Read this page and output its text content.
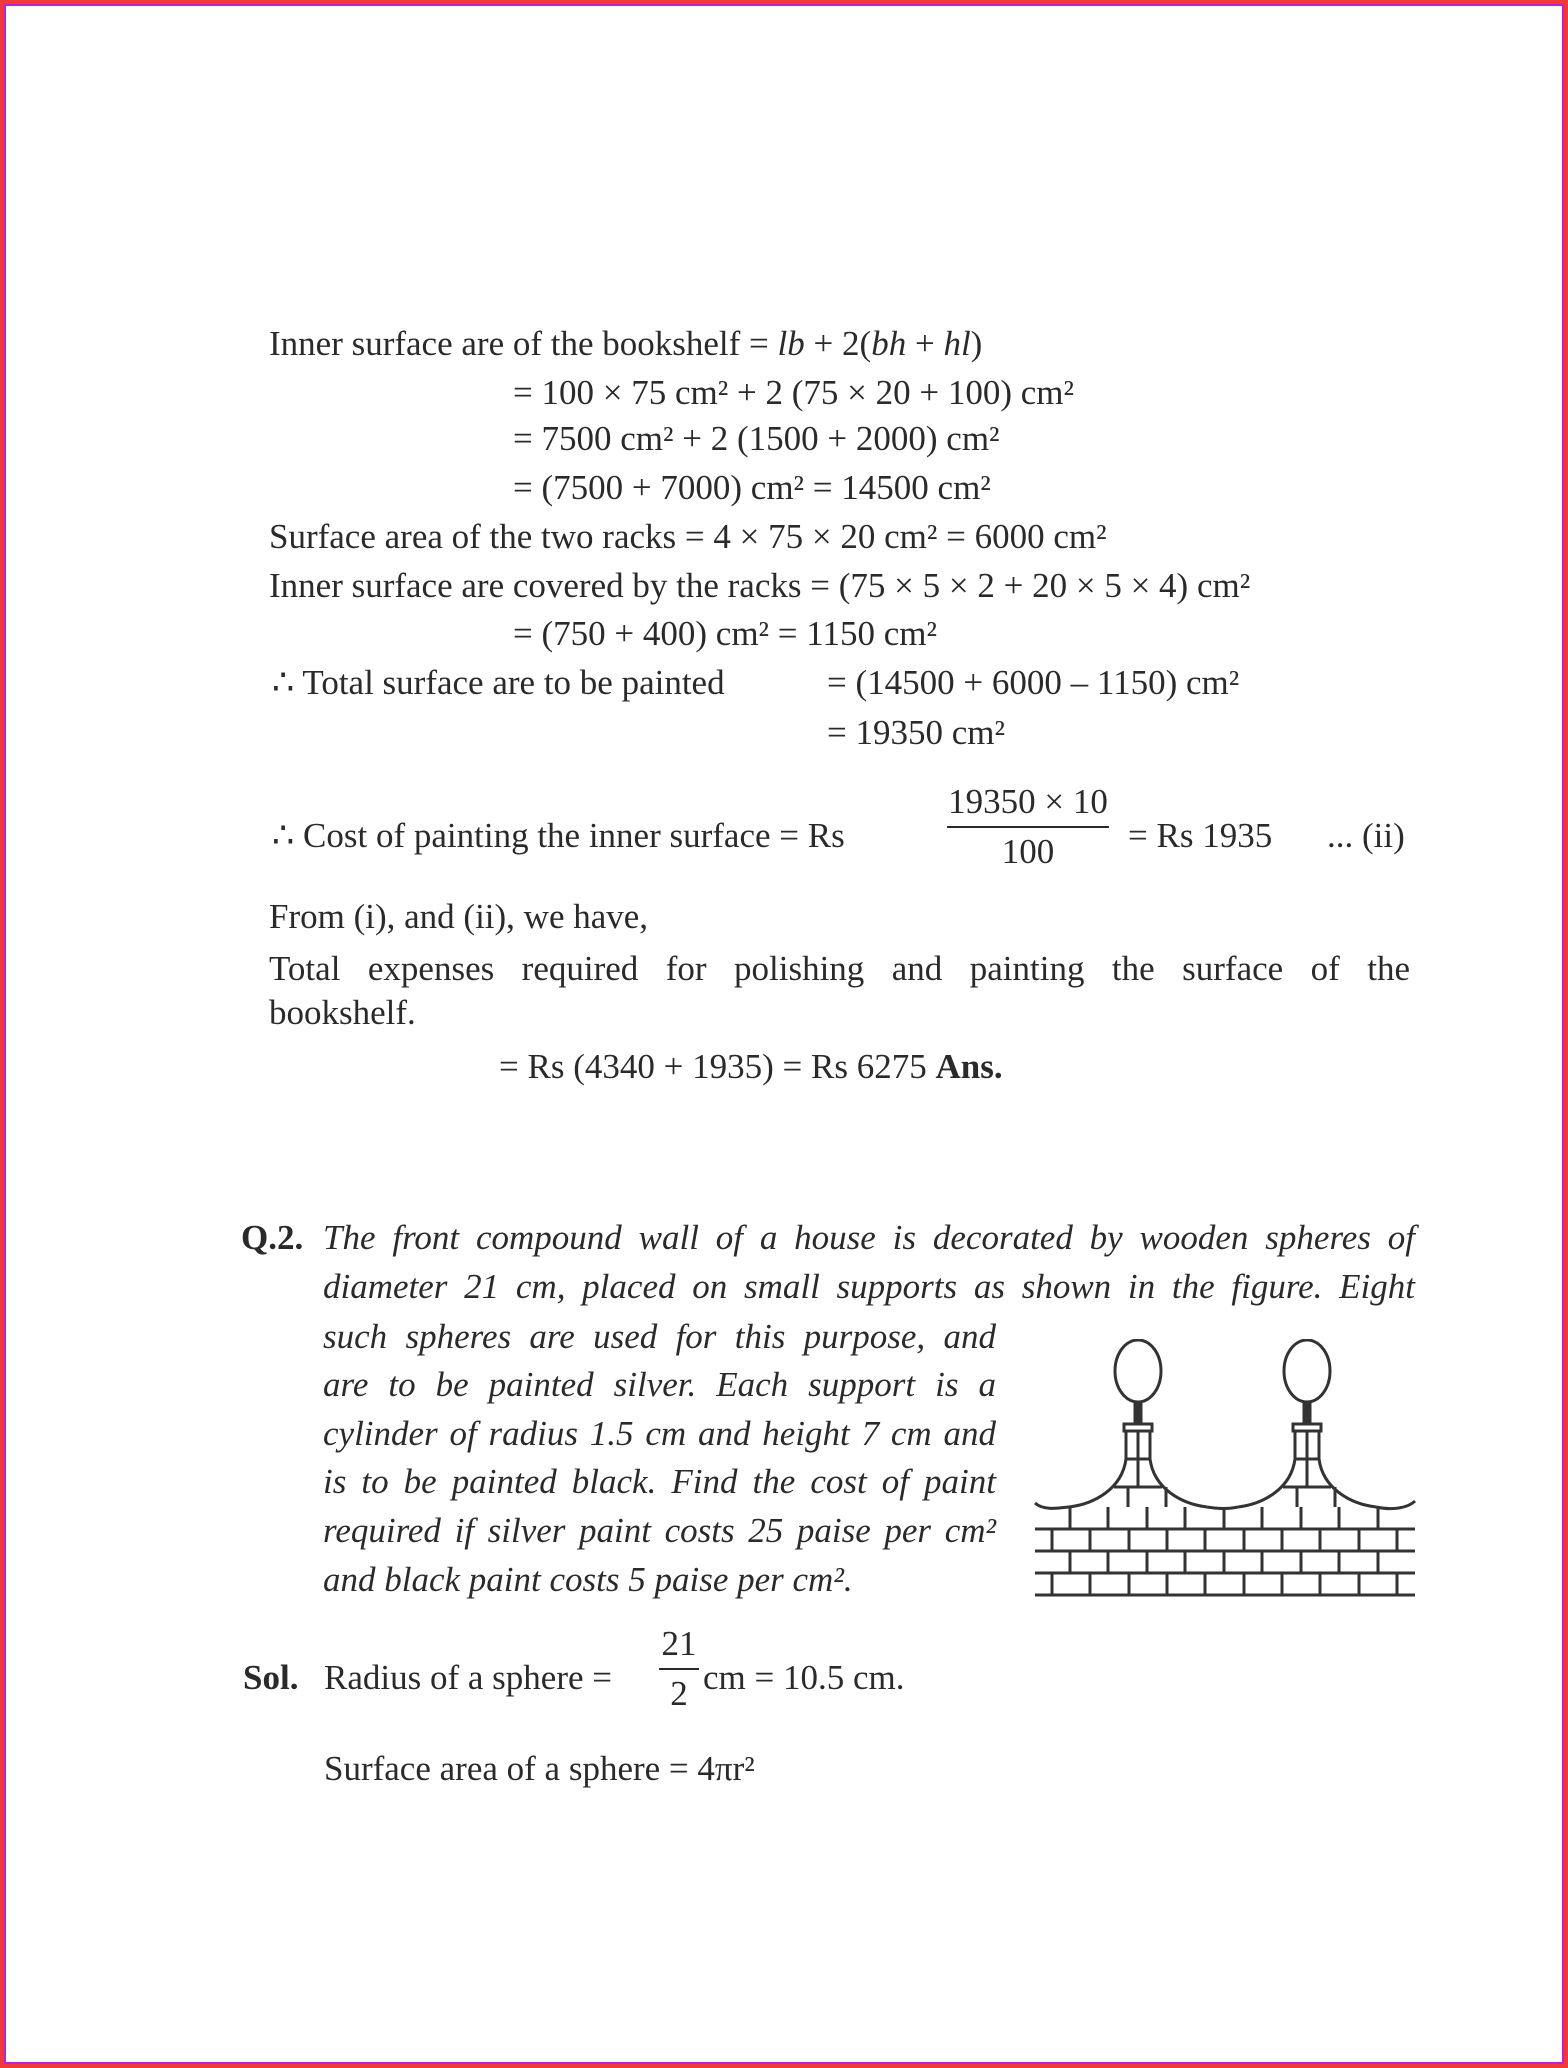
Inner surface are of the bookshelf = lb + 2(bh + hl)
= 100 × 75 cm² + 2 (75 × 20 + 100) cm²
= 7500 cm² + 2 (1500 + 2000) cm²
= (7500 + 7000) cm² = 14500 cm²
Surface area of the two racks = 4 × 75 × 20 cm² = 6000 cm²
Inner surface are covered by the racks = (75 × 5 × 2 + 20 × 5 × 4) cm²
= (750 + 400) cm² = 1150 cm²
∴ Total surface are to be painted	= (14500 + 6000 – 1150) cm²
= 19350 cm²
∴ Cost of painting the inner surface = Rs
19350 × 10
100	= Rs 1935 ... (ii)
From (i), and (ii), we have,
Total expenses required for polishing and painting the surface of the
bookshelf.
= Rs (4340 + 1935) = Rs 6275 Ans.
Q.2. The front compound wall of a house is decorated by wooden spheres of
diameter 21 cm, placed on small supports as shown in the figure. Eight
such spheres are used for this purpose, and
are to be painted silver. Each support is a
cylinder of radius 1.5 cm and height 7 cm and
is to be painted black. Find the cost of paint
required if silver paint costs 25 paise per cm²
and black paint costs 5 paise per cm².
Sol. Radius of a sphere =
21
2 cm = 10.5 cm.
Surface area of a sphere = 4πr²
